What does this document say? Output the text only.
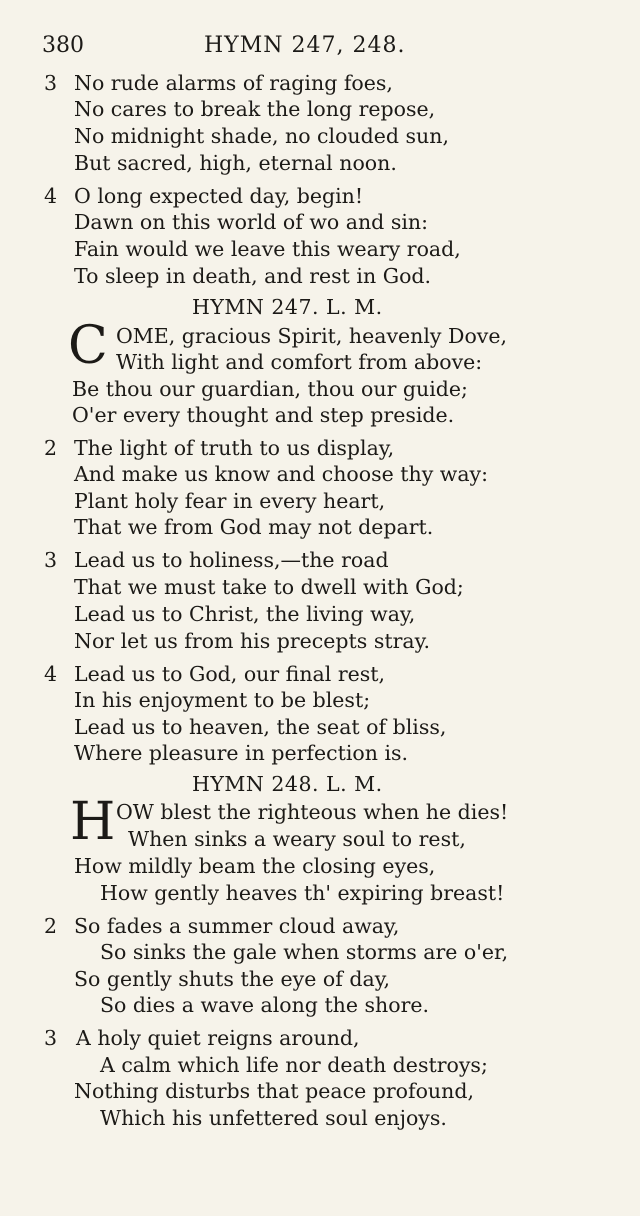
380	HYMN 247, 248.
3 No rude alarms of raging foes,
No cares to break the long repose,
No midnight shade, no clouded sun,
But sacred, high, eternal noon.
4 O long expected day, begin!
Dawn on this world of wo and sin:
Fain would we leave this weary road,
To sleep in death, and rest in God.
HYMN 247. L. M.
C OME, gracious Spirit, heavenly Dove,
With light and comfort from above:
Be thou our guardian, thou our guide;
O'er every thought and step preside.
2 The light of truth to us display,
And make us know and choose thy way:
Plant holy fear in every heart,
That we from God may not depart.
3 Lead us to holiness,—the road
That we must take to dwell with God;
Lead us to Christ, the living way,
Nor let us from his precepts stray.
4 Lead us to God, our final rest,
In his enjoyment to be blest;
Lead us to heaven, the seat of bliss,
Where pleasure in perfection is.
HYMN 248. L. M.
H OW blest the righteous when he dies!
When sinks a weary soul to rest,
How mildly beam the closing eyes,
How gently heaves th' expiring breast!
2 So fades a summer cloud away,
So sinks the gale when storms are o'er,
So gently shuts the eye of day,
So dies a wave along the shore.
3 A holy quiet reigns around,
A calm which life nor death destroys;
Nothing disturbs that peace profound,
Which his unfettered soul enjoys.
